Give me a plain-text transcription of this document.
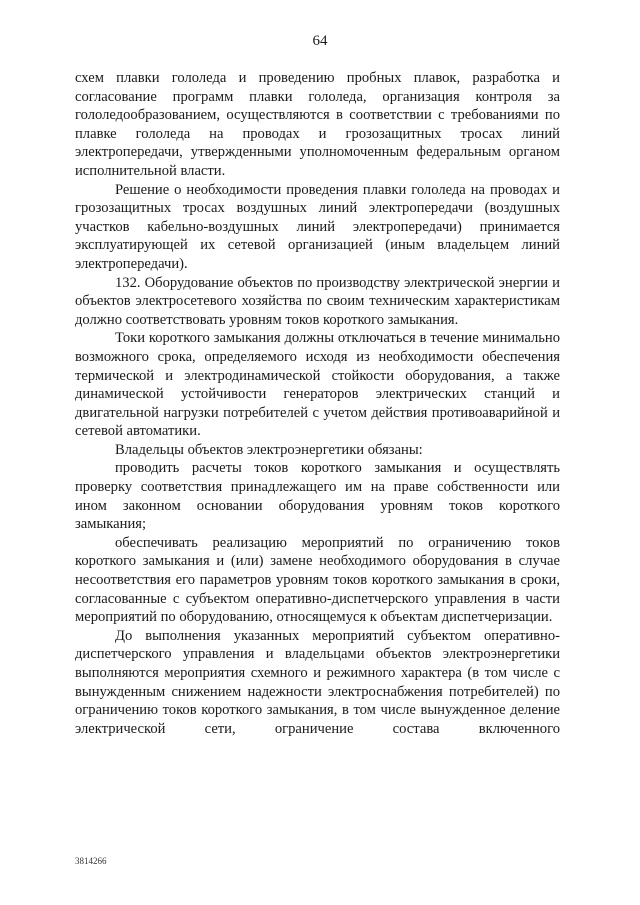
64

схем плавки гололеда и проведению пробных плавок, разработка и согласование программ плавки гололеда, организация контроля за гололедообразованием, осуществляются в соответствии с требованиями по плавке гололеда на проводах и грозозащитных тросах линий электропередачи, утвержденными уполномоченным федеральным органом исполнительной власти.

Решение о необходимости проведения плавки гололеда на проводах и грозозащитных тросах воздушных линий электропередачи (воздушных участков кабельно-воздушных линий электропередачи) принимается эксплуатирующей их сетевой организацией (иным владельцем линий электропередачи).

132. Оборудование объектов по производству электрической энергии и объектов электросетевого хозяйства по своим техническим характеристикам должно соответствовать уровням токов короткого замыкания.

Токи короткого замыкания должны отключаться в течение минимально возможного срока, определяемого исходя из необходимости обеспечения термической и электродинамической стойкости оборудования, а также динамической устойчивости генераторов электрических станций и двигательной нагрузки потребителей с учетом действия противоаварийной и сетевой автоматики.

Владельцы объектов электроэнергетики обязаны:

проводить расчеты токов короткого замыкания и осуществлять проверку соответствия принадлежащего им на праве собственности или ином законном основании оборудования уровням токов короткого замыкания;

обеспечивать реализацию мероприятий по ограничению токов короткого замыкания и (или) замене необходимого оборудования в случае несоответствия его параметров уровням токов короткого замыкания в сроки, согласованные с субъектом оперативно-диспетчерского управления в части мероприятий по оборудованию, относящемуся к объектам диспетчеризации.

До выполнения указанных мероприятий субъектом оперативно-диспетчерского управления и владельцами объектов электроэнергетики выполняются мероприятия схемного и режимного характера (в том числе с вынужденным снижением надежности электроснабжения потребителей) по ограничению токов короткого замыкания, в том числе вынужденное деление электрической сети, ограничение состава включенного

3814266
